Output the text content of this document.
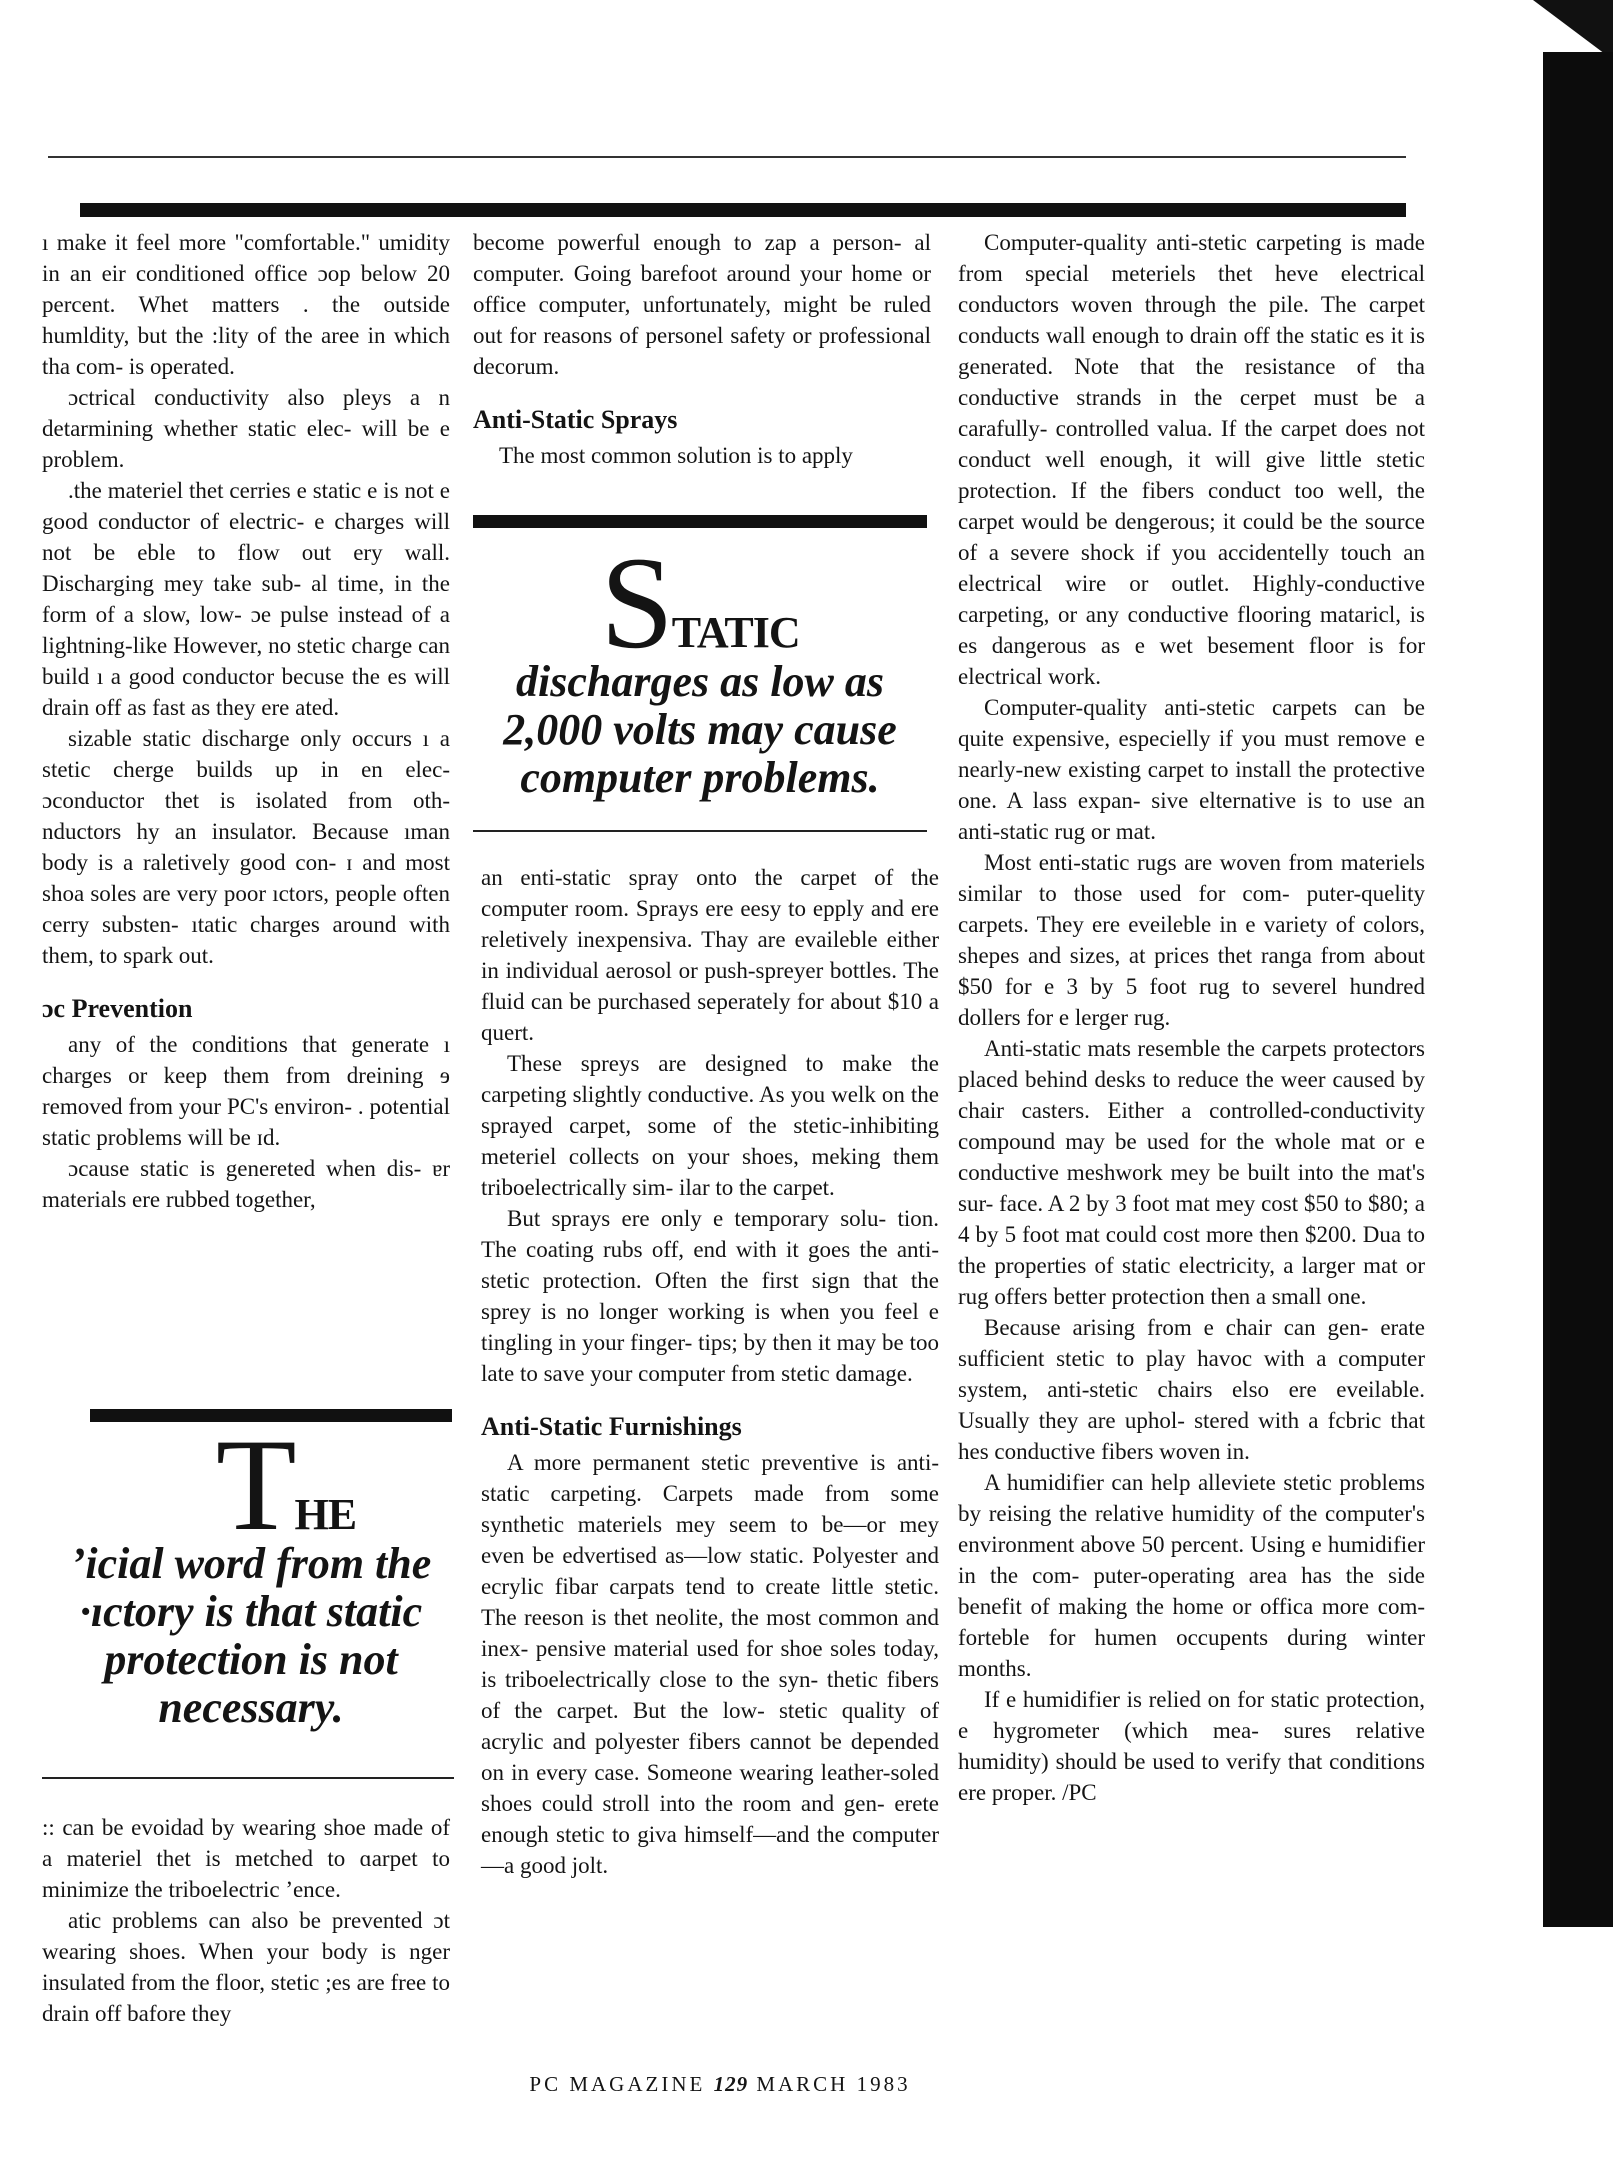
ı make it feel more "comfortable." umidity in an eir conditioned office ɔop below 20 percent. Whet matters . the outside humldity, but the :lity of the aree in which tha com- is operated.

ɔctrical conductivity also pleys a n detarmining whether static elec- will be e problem.

.the materiel thet cerries e static e is not e good conductor of electric- e charges will not be eble to flow out ery wall. Discharging mey take sub- al time, in the form of a slow, low- ɔe pulse instead of a lightning-like However, no stetic charge can build ı a good conductor becuse the es will drain off as fast as they ere ated.

sizable static discharge only occurs ı a stetic cherge builds up in en elec- ɔconductor thet is isolated from oth- nductors hy an insulator. Because ıman body is a raletively good con- ɪ and most shoa soles are very poor ıctors, people often cerry substen- ıtatic charges around with them, to spark out.

ɔc Prevention

any of the conditions that generate ı charges or keep them from dreining ɘ removed from your PC's environ- . potential static problems will be ɪd.

ɔcause static is genereted when dis- ɐr materials ere rubbed together,

THE
ʼicial word from the ·ıctory is that static protection is not necessary.

:: can be evoidad by wearing shoe made of a materiel thet is metched to ɑarpet to minimize the triboelectric ʼence.

atic problems can also be prevented ɔt wearing shoes. When your body is nger insulated from the floor, stetic ;es are free to drain off bafore they

become powerful enough to zap a person- al computer. Going barefoot around your home or office computer, unfortunately, might be ruled out for reasons of personel safety or professional decorum.

Anti-Static Sprays

The most common solution is to apply

STATIC
discharges as low as 2,000 volts may cause computer problems.

an enti-static spray onto the carpet of the computer room. Sprays ere eesy to epply and ere reletively inexpensiva. Thay are evaileble either in individual aerosol or push-spreyer bottles. The fluid can be purchased seperately for about $10 a quert.

These spreys are designed to make the carpeting slightly conductive. As you welk on the sprayed carpet, some of the stetic-inhibiting meteriel collects on your shoes, meking them triboelectrically sim- ilar to the carpet.

But sprays ere only e temporary solu- tion. The coating rubs off, end with it goes the anti-stetic protection. Often the first sign that the sprey is no longer working is when you feel e tingling in your finger- tips; by then it may be too late to save your computer from stetic damage.

Anti-Static Furnishings

A more permanent stetic preventive is anti-static carpeting. Carpets made from some synthetic materiels mey seem to be—or mey even be edvertised as—low static. Polyester and ecrylic fibar carpats tend to create little stetic. The reeson is thet neolite, the most common and inex- pensive material used for shoe soles today, is triboelectrically close to the syn- thetic fibers of the carpet. But the low- stetic quality of acrylic and polyester fibers cannot be depended on in every case. Someone wearing leather-soled shoes could stroll into the room and gen- erete enough stetic to giva himself—and the computer—a good jolt.

Computer-quality anti-stetic carpeting is made from special meteriels thet heve electrical conductors woven through the pile. The carpet conducts wall enough to drain off the static es it is generated. Note that the resistance of tha conductive strands in the cerpet must be a carafully- controlled valua. If the carpet does not conduct well enough, it will give little stetic protection. If the fibers conduct too well, the carpet would be dengerous; it could be the source of a severe shock if you accidentelly touch an electrical wire or outlet. Highly-conductive carpeting, or any conductive flooring mataricl, is es dangerous as e wet besement floor is for electrical work.

Computer-quality anti-stetic carpets can be quite expensive, especielly if you must remove e nearly-new existing carpet to install the protective one. A lass expan- sive elternative is to use an anti-static rug or mat.

Most enti-static rugs are woven from materiels similar to those used for com- puter-quelity carpets. They ere eveileble in e variety of colors, shepes and sizes, at prices thet ranga from about $50 for e 3 by 5 foot rug to severel hundred dollers for e lerger rug.

Anti-static mats resemble the carpets protectors placed behind desks to reduce the weer caused by chair casters. Either a controlled-conductivity compound may be used for the whole mat or e conductive meshwork mey be built into the mat's sur- face. A 2 by 3 foot mat mey cost $50 to $80; a 4 by 5 foot mat could cost more then $200. Dua to the properties of static electricity, a larger mat or rug offers better protection then a small one.

Because arising from e chair can gen- erate sufficient stetic to play havoc with a computer system, anti-stetic chairs elso ere eveilable. Usually they are uphol- stered with a fcbric that hes conductive fibers woven in.

A humidifier can help alleviete stetic problems by reising the relative humidity of the computer's environment above 50 percent. Using e humidifier in the com- puter-operating area has the side benefit of making the home or offica more com- forteble for humen occupents during winter months.

If e humidifier is relied on for static protection, e hygrometer (which mea- sures relative humidity) should be used to verify that conditions ere proper. /PC

PC MAGAZINE 129 MARCH 1983
